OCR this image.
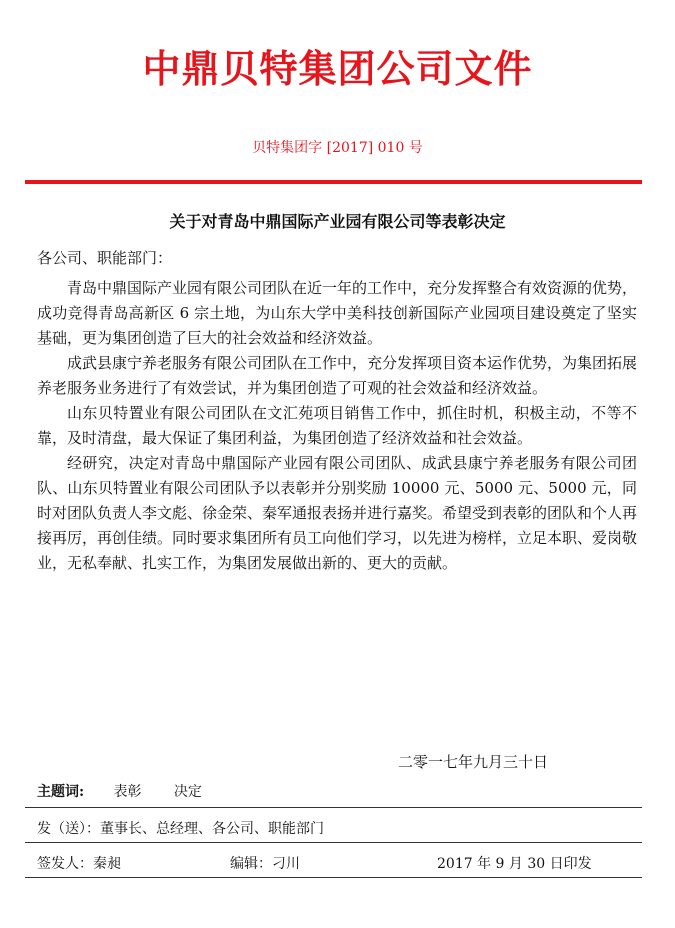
中鼎贝特集团公司文件
贝特集团字 [2017] 010 号
关于对青岛中鼎国际产业园有限公司等表彰决定
各公司、职能部门：

青岛中鼎国际产业园有限公司团队在近一年的工作中，充分发挥整合有效资源的优势，成功竞得青岛高新区 6 宗土地，为山东大学中美科技创新国际产业园项目建设奠定了坚实基础，更为集团创造了巨大的社会效益和经济效益。

成武县康宁养老服务有限公司团队在工作中，充分发挥项目资本运作优势，为集团拓展养老服务业务进行了有效尝试，并为集团创造了可观的社会效益和经济效益。

山东贝特置业有限公司团队在文汇苑项目销售工作中，抓住时机，积极主动，不等不靠，及时清盘，最大保证了集团利益，为集团创造了经济效益和社会效益。

经研究，决定对青岛中鼎国际产业园有限公司团队、成武县康宁养老服务有限公司团队、山东贝特置业有限公司团队予以表彰并分别奖励 10000 元、5000 元、5000 元，同时对团队负责人李文彪、徐金荣、秦军通报表扬并进行嘉奖。希望受到表彰的团队和个人再接再厉，再创佳绩。同时要求集团所有员工向他们学习，以先进为榜样，立足本职、爱岗敬业，无私奉献、扎实工作，为集团发展做出新的、更大的贡献。

二零一七年九月三十日
主题词: 表彰 决定
发（送）：董事长、总经理、各公司、职能部门
签发人：秦昶	编辑：刁川	2017 年 9 月 30 日印发
